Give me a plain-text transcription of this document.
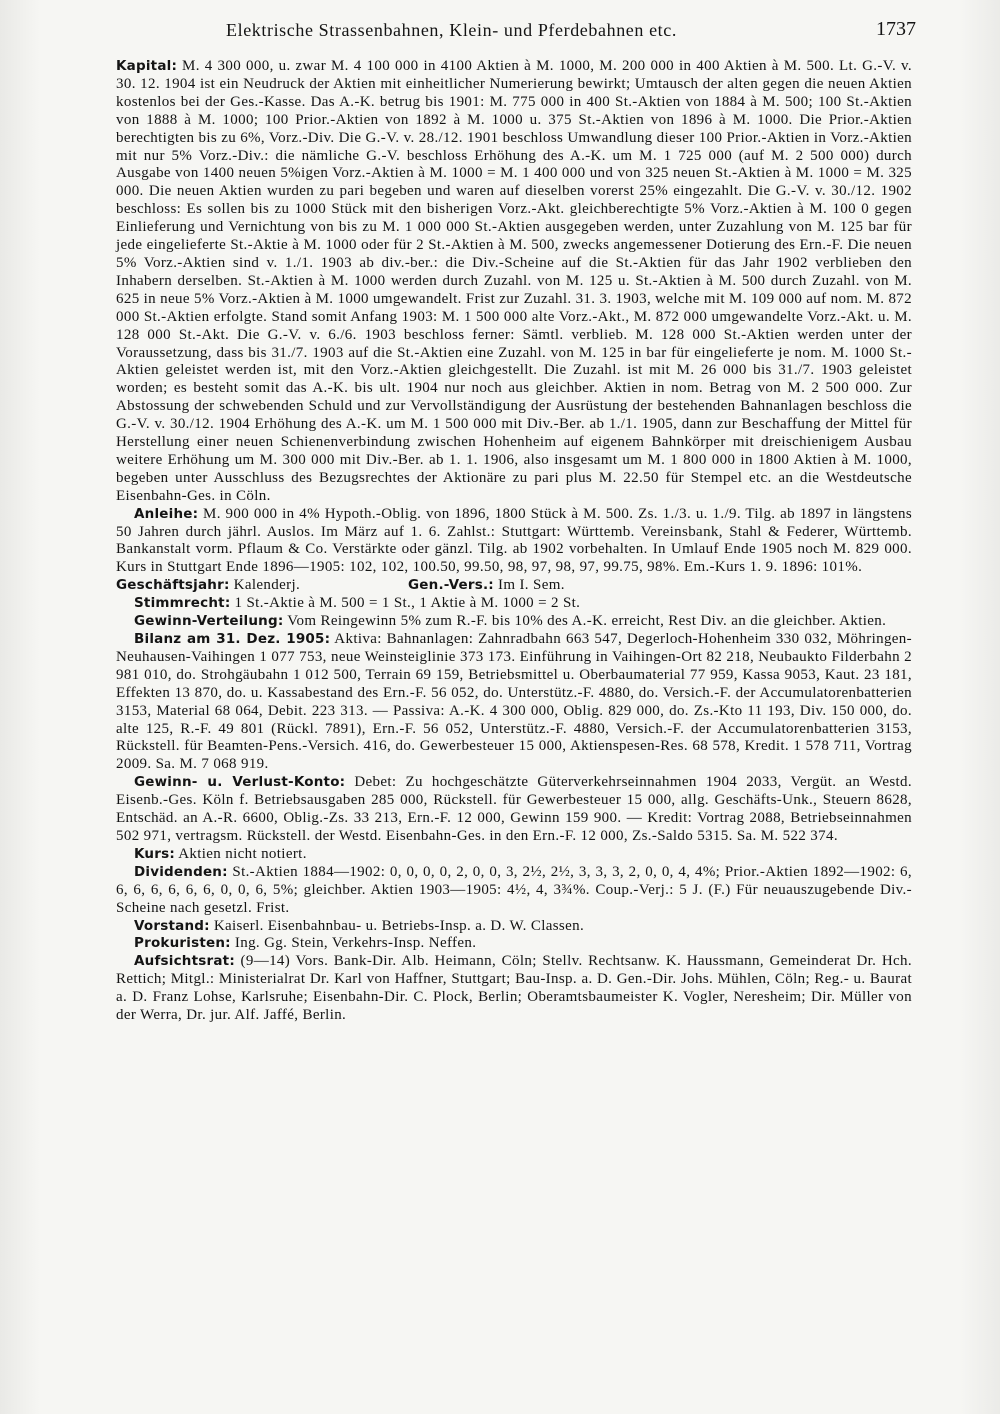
Elektrische Strassenbahnen, Klein- und Pferdebahnen etc.	1737

Kapital: M. 4 300 000, u. zwar M. 4 100 000 in 4100 Aktien à M. 1000, M. 200 000 in 400 Aktien à M. 500. Lt. G.-V. v. 30. 12. 1904 ist ein Neudruck der Aktien mit einheitlicher Numerierung bewirkt; Umtausch der alten gegen die neuen Aktien kostenlos bei der Ges.-Kasse. Das A.-K. betrug bis 1901: M. 775 000 in 400 St.-Aktien von 1884 à M. 500; 100 St.-Aktien von 1888 à M. 1000; 100 Prior.-Aktien von 1892 à M. 1000 u. 375 St.-Aktien von 1896 à M. 1000. Die Prior.-Aktien berechtigten bis zu 6%, Vorz.-Div. Die G.-V. v. 28./12. 1901 beschloss Umwandlung dieser 100 Prior.-Aktien in Vorz.-Aktien mit nur 5% Vorz.-Div.: die nämliche G.-V. beschloss Erhöhung des A.-K. um M. 1 725 000 (auf M. 2 500 000) durch Ausgabe von 1400 neuen 5%igen Vorz.-Aktien à M. 1000 = M. 1 400 000 und von 325 neuen St.-Aktien à M. 1000 = M. 325 000. Die neuen Aktien wurden zu pari begeben und waren auf dieselben vorerst 25% eingezahlt. Die G.-V. v. 30./12. 1902 beschloss: Es sollen bis zu 1000 Stück mit den bisherigen Vorz.-Akt. gleichberechtigte 5% Vorz.-Aktien à M. 100 0 gegen Einlieferung und Vernichtung von bis zu M. 1 000 000 St.-Aktien ausgegeben werden, unter Zuzahlung von M. 125 bar für jede eingelieferte St.-Aktie à M. 1000 oder für 2 St.-Aktien à M. 500, zwecks angemessener Dotierung des Ern.-F. Die neuen 5% Vorz.-Aktien sind v. 1./1. 1903 ab div.-ber.: die Div.-Scheine auf die St.-Aktien für das Jahr 1902 verblieben den Inhabern derselben. St.-Aktien à M. 1000 werden durch Zuzahl. von M. 125 u. St.-Aktien à M. 500 durch Zuzahl. von M. 625 in neue 5% Vorz.-Aktien à M. 1000 umgewandelt. Frist zur Zuzahl. 31. 3. 1903, welche mit M. 109 000 auf nom. M. 872 000 St.-Aktien erfolgte. Stand somit Anfang 1903: M. 1 500 000 alte Vorz.-Akt., M. 872 000 umgewandelte Vorz.-Akt. u. M. 128 000 St.-Akt. Die G.-V. v. 6./6. 1903 beschloss ferner: Sämtl. verblieb. M. 128 000 St.-Aktien werden unter der Voraussetzung, dass bis 31./7. 1903 auf die St.-Aktien eine Zuzahl. von M. 125 in bar für eingelieferte je nom. M. 1000 St.-Aktien geleistet werden ist, mit den Vorz.-Aktien gleichgestellt. Die Zuzahl. ist mit M. 26 000 bis 31./7. 1903 geleistet worden; es besteht somit das A.-K. bis ult. 1904 nur noch aus gleichber. Aktien in nom. Betrag von M. 2 500 000. Zur Abstossung der schwebenden Schuld und zur Vervollständigung der Ausrüstung der bestehenden Bahnanlagen beschloss die G.-V. v. 30./12. 1904 Erhöhung des A.-K. um M. 1 500 000 mit Div.-Ber. ab 1./1. 1905, dann zur Beschaffung der Mittel für Herstellung einer neuen Schienenverbindung zwischen Hohenheim auf eigenem Bahnkörper mit dreischienigem Ausbau weitere Erhöhung um M. 300 000 mit Div.-Ber. ab 1. 1. 1906, also insgesamt um M. 1 800 000 in 1800 Aktien à M. 1000, begeben unter Ausschluss des Bezugsrechtes der Aktionäre zu pari plus M. 22.50 für Stempel etc. an die Westdeutsche Eisenbahn-Ges. in Cöln.

Anleihe: M. 900 000 in 4% Hypoth.-Oblig. von 1896, 1800 Stück à M. 500. Zs. 1./3. u. 1./9. Tilg. ab 1897 in längstens 50 Jahren durch jährl. Auslos. Im März auf 1. 6. Zahlst.: Stuttgart: Württemb. Vereinsbank, Stahl & Federer, Württemb. Bankanstalt vorm. Pflaum & Co. Verstärkte oder gänzl. Tilg. ab 1902 vorbehalten. In Umlauf Ende 1905 noch M. 829 000. Kurs in Stuttgart Ende 1896—1905: 102, 102, 100.50, 99.50, 98, 97, 98, 97, 99.75, 98%. Em.-Kurs 1. 9. 1896: 101%.

Geschäftsjahr: Kalenderj.	Gen.-Vers.: Im I. Sem.

Stimmrecht: 1 St.-Aktie à M. 500 = 1 St., 1 Aktie à M. 1000 = 2 St.

Gewinn-Verteilung: Vom Reingewinn 5% zum R.-F. bis 10% des A.-K. erreicht, Rest Div. an die gleichber. Aktien.

Bilanz am 31. Dez. 1905: Aktiva: Bahnanlagen: Zahnradbahn 663 547, Degerloch-Hohenheim 330 032, Möhringen-Neuhausen-Vaihingen 1 077 753, neue Weinsteiglinie 373 173. Einführung in Vaihingen-Ort 82 218, Neubaukto Filderbahn 2 981 010, do. Strohgäubahn 1 012 500, Terrain 69 159, Betriebsmittel u. Oberbaumaterial 77 959, Kassa 9053, Kaut. 23 181, Effekten 13 870, do. u. Kassabestand des Ern.-F. 56 052, do. Unterstütz.-F. 4880, do. Versich.-F. der Accumulatorenbatterien 3153, Material 68 064, Debit. 223 313. — Passiva: A.-K. 4 300 000, Oblig. 829 000, do. Zs.-Kto 11 193, Div. 150 000, do. alte 125, R.-F. 49 801 (Rückl. 7891), Ern.-F. 56 052, Unterstütz.-F. 4880, Versich.-F. der Accumulatorenbatterien 3153, Rückstell. für Beamten-Pens.-Versich. 416, do. Gewerbesteuer 15 000, Aktienspesen-Res. 68 578, Kredit. 1 578 711, Vortrag 2009. Sa. M. 7 068 919.

Gewinn- u. Verlust-Konto: Debet: Zu hochgeschätzte Güterverkehrseinnahmen 1904 2033, Vergüt. an Westd. Eisenb.-Ges. Köln f. Betriebsausgaben 285 000, Rückstell. für Gewerbesteuer 15 000, allg. Geschäfts-Unk., Steuern 8628, Entschäd. an A.-R. 6600, Oblig.-Zs. 33 213, Ern.-F. 12 000, Gewinn 159 900. — Kredit: Vortrag 2088, Betriebseinnahmen 502 971, vertragsm. Rückstell. der Westd. Eisenbahn-Ges. in den Ern.-F. 12 000, Zs.-Saldo 5315. Sa. M. 522 374.

Kurs: Aktien nicht notiert.

Dividenden: St.-Aktien 1884—1902: 0, 0, 0, 0, 2, 0, 0, 3, 2½, 2½, 3, 3, 3, 2, 0, 0, 4, 4%; Prior.-Aktien 1892—1902: 6, 6, 6, 6, 6, 6, 6, 0, 0, 6, 5%; gleichber. Aktien 1903—1905: 4½, 4, 3¾%. Coup.-Verj.: 5 J. (F.) Für neuauszugebende Div.-Scheine nach gesetzl. Frist.

Vorstand: Kaiserl. Eisenbahnbau- u. Betriebs-Insp. a. D. W. Classen.

Prokuristen: Ing. Gg. Stein, Verkehrs-Insp. Neffen.

Aufsichtsrat: (9—14) Vors. Bank-Dir. Alb. Heimann, Cöln; Stellv. Rechtsanw. K. Haussmann, Gemeinderat Dr. Hch. Rettich; Mitgl.: Ministerialrat Dr. Karl von Haffner, Stuttgart; Bau-Insp. a. D. Gen.-Dir. Johs. Mühlen, Cöln; Reg.- u. Baurat a. D. Franz Lohse, Karlsruhe; Eisenbahn-Dir. C. Plock, Berlin; Oberamtsbaumeister K. Vogler, Neresheim; Dir. Müller von der Werra, Dr. jur. Alf. Jaffé, Berlin.
